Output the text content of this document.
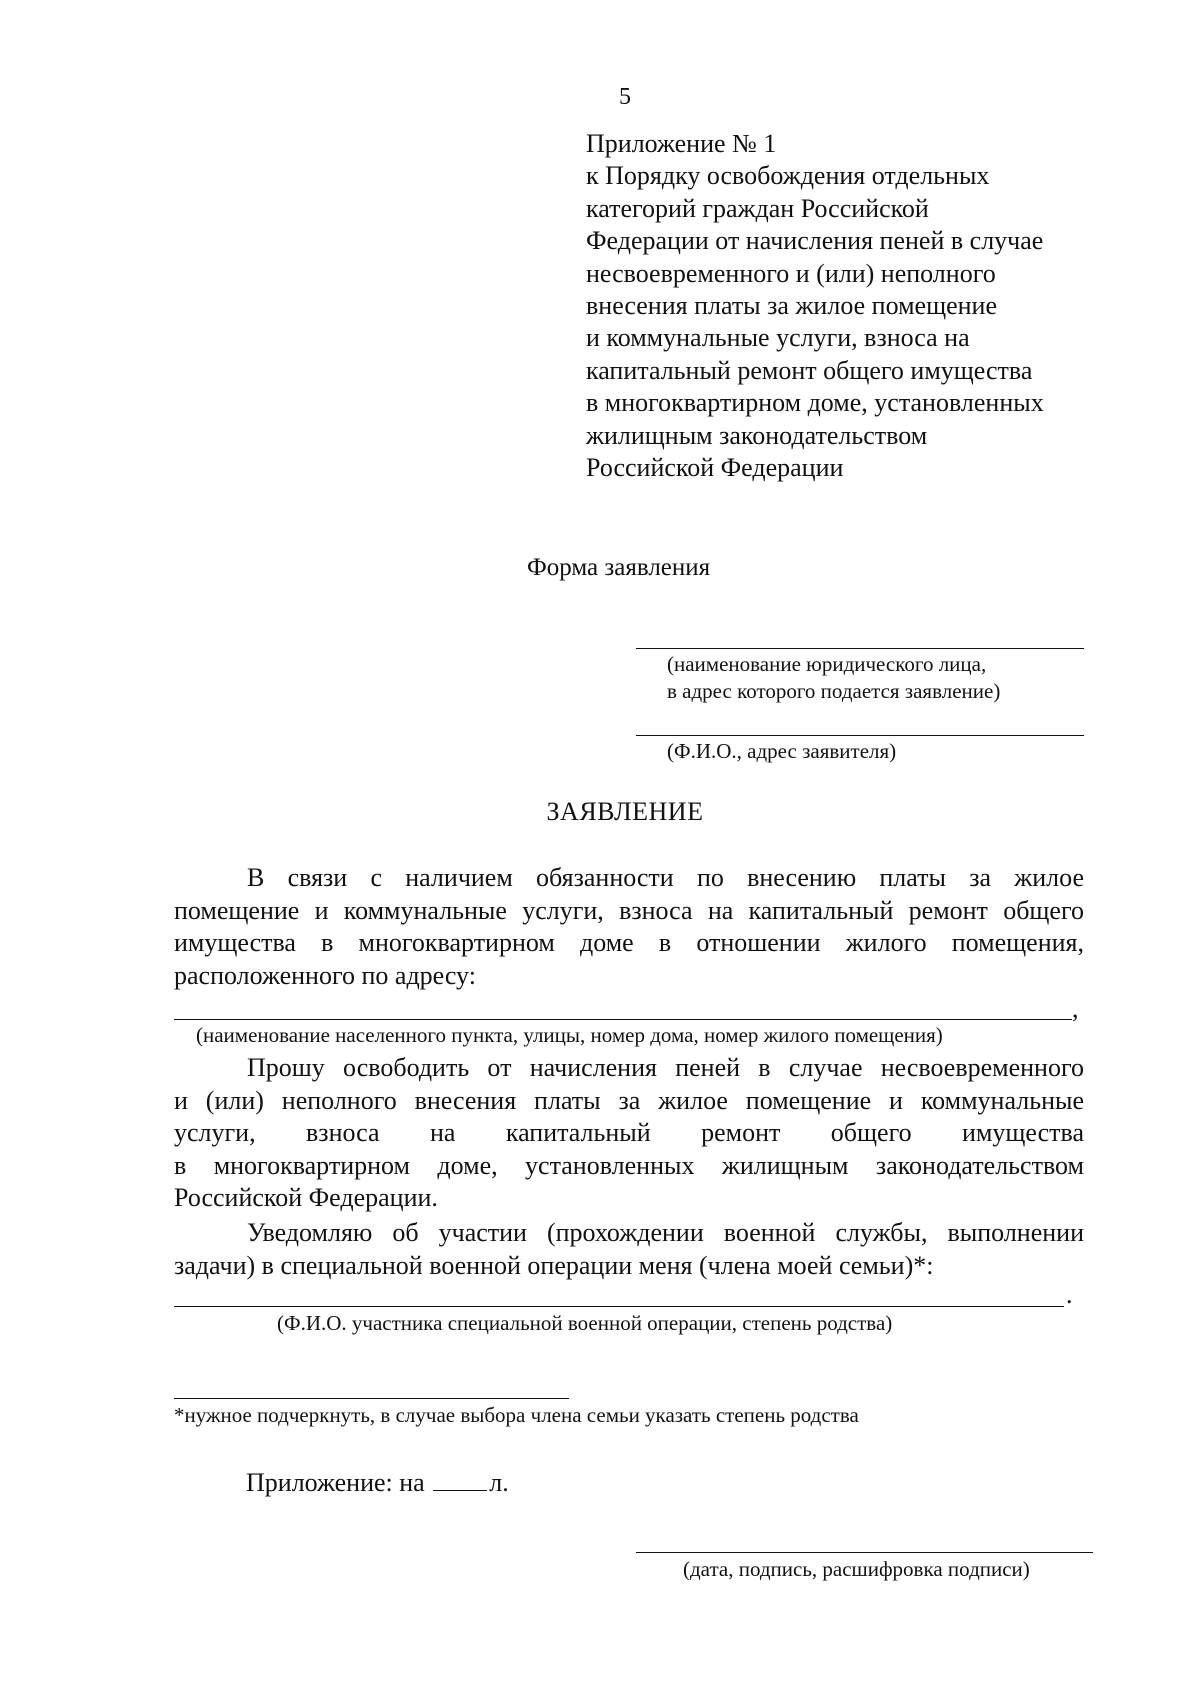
5
Приложение № 1
к Порядку освобождения отдельных
категорий граждан Российской
Федерации от начисления пеней в случае
несвоевременного и (или) неполного
внесения платы за жилое помещение
и коммунальные услуги, взноса на
капитальный ремонт общего имущества
в многоквартирном доме, установленных
жилищным законодательством
Российской Федерации
Форма заявления
(наименование юридического лица,
в адрес которого подается заявление)
(Ф.И.О., адрес заявителя)
ЗАЯВЛЕНИЕ
В связи с наличием обязанности по внесению платы за жилое
помещение и коммунальные услуги, взноса на капитальный ремонт общего
имущества в многоквартирном доме в отношении жилого помещения,
расположенного по адресу:
,
(наименование населенного пункта, улицы, номер дома, номер жилого помещения)
Прошу освободить от начисления пеней в случае несвоевременного
и (или) неполного внесения платы за жилое помещение и коммунальные
услуги, взноса на капитальный ремонт общего имущества
в многоквартирном доме, установленных жилищным законодательством
Российской Федерации.
Уведомляю об участии (прохождении военной службы, выполнении
задачи) в специальной военной операции меня (члена моей семьи)*:
.
(Ф.И.О. участника специальной военной операции, степень родства)
*нужное подчеркнуть, в случае выбора члена семьи указать степень родства
Приложение: на л.
(дата, подпись, расшифровка подписи)
